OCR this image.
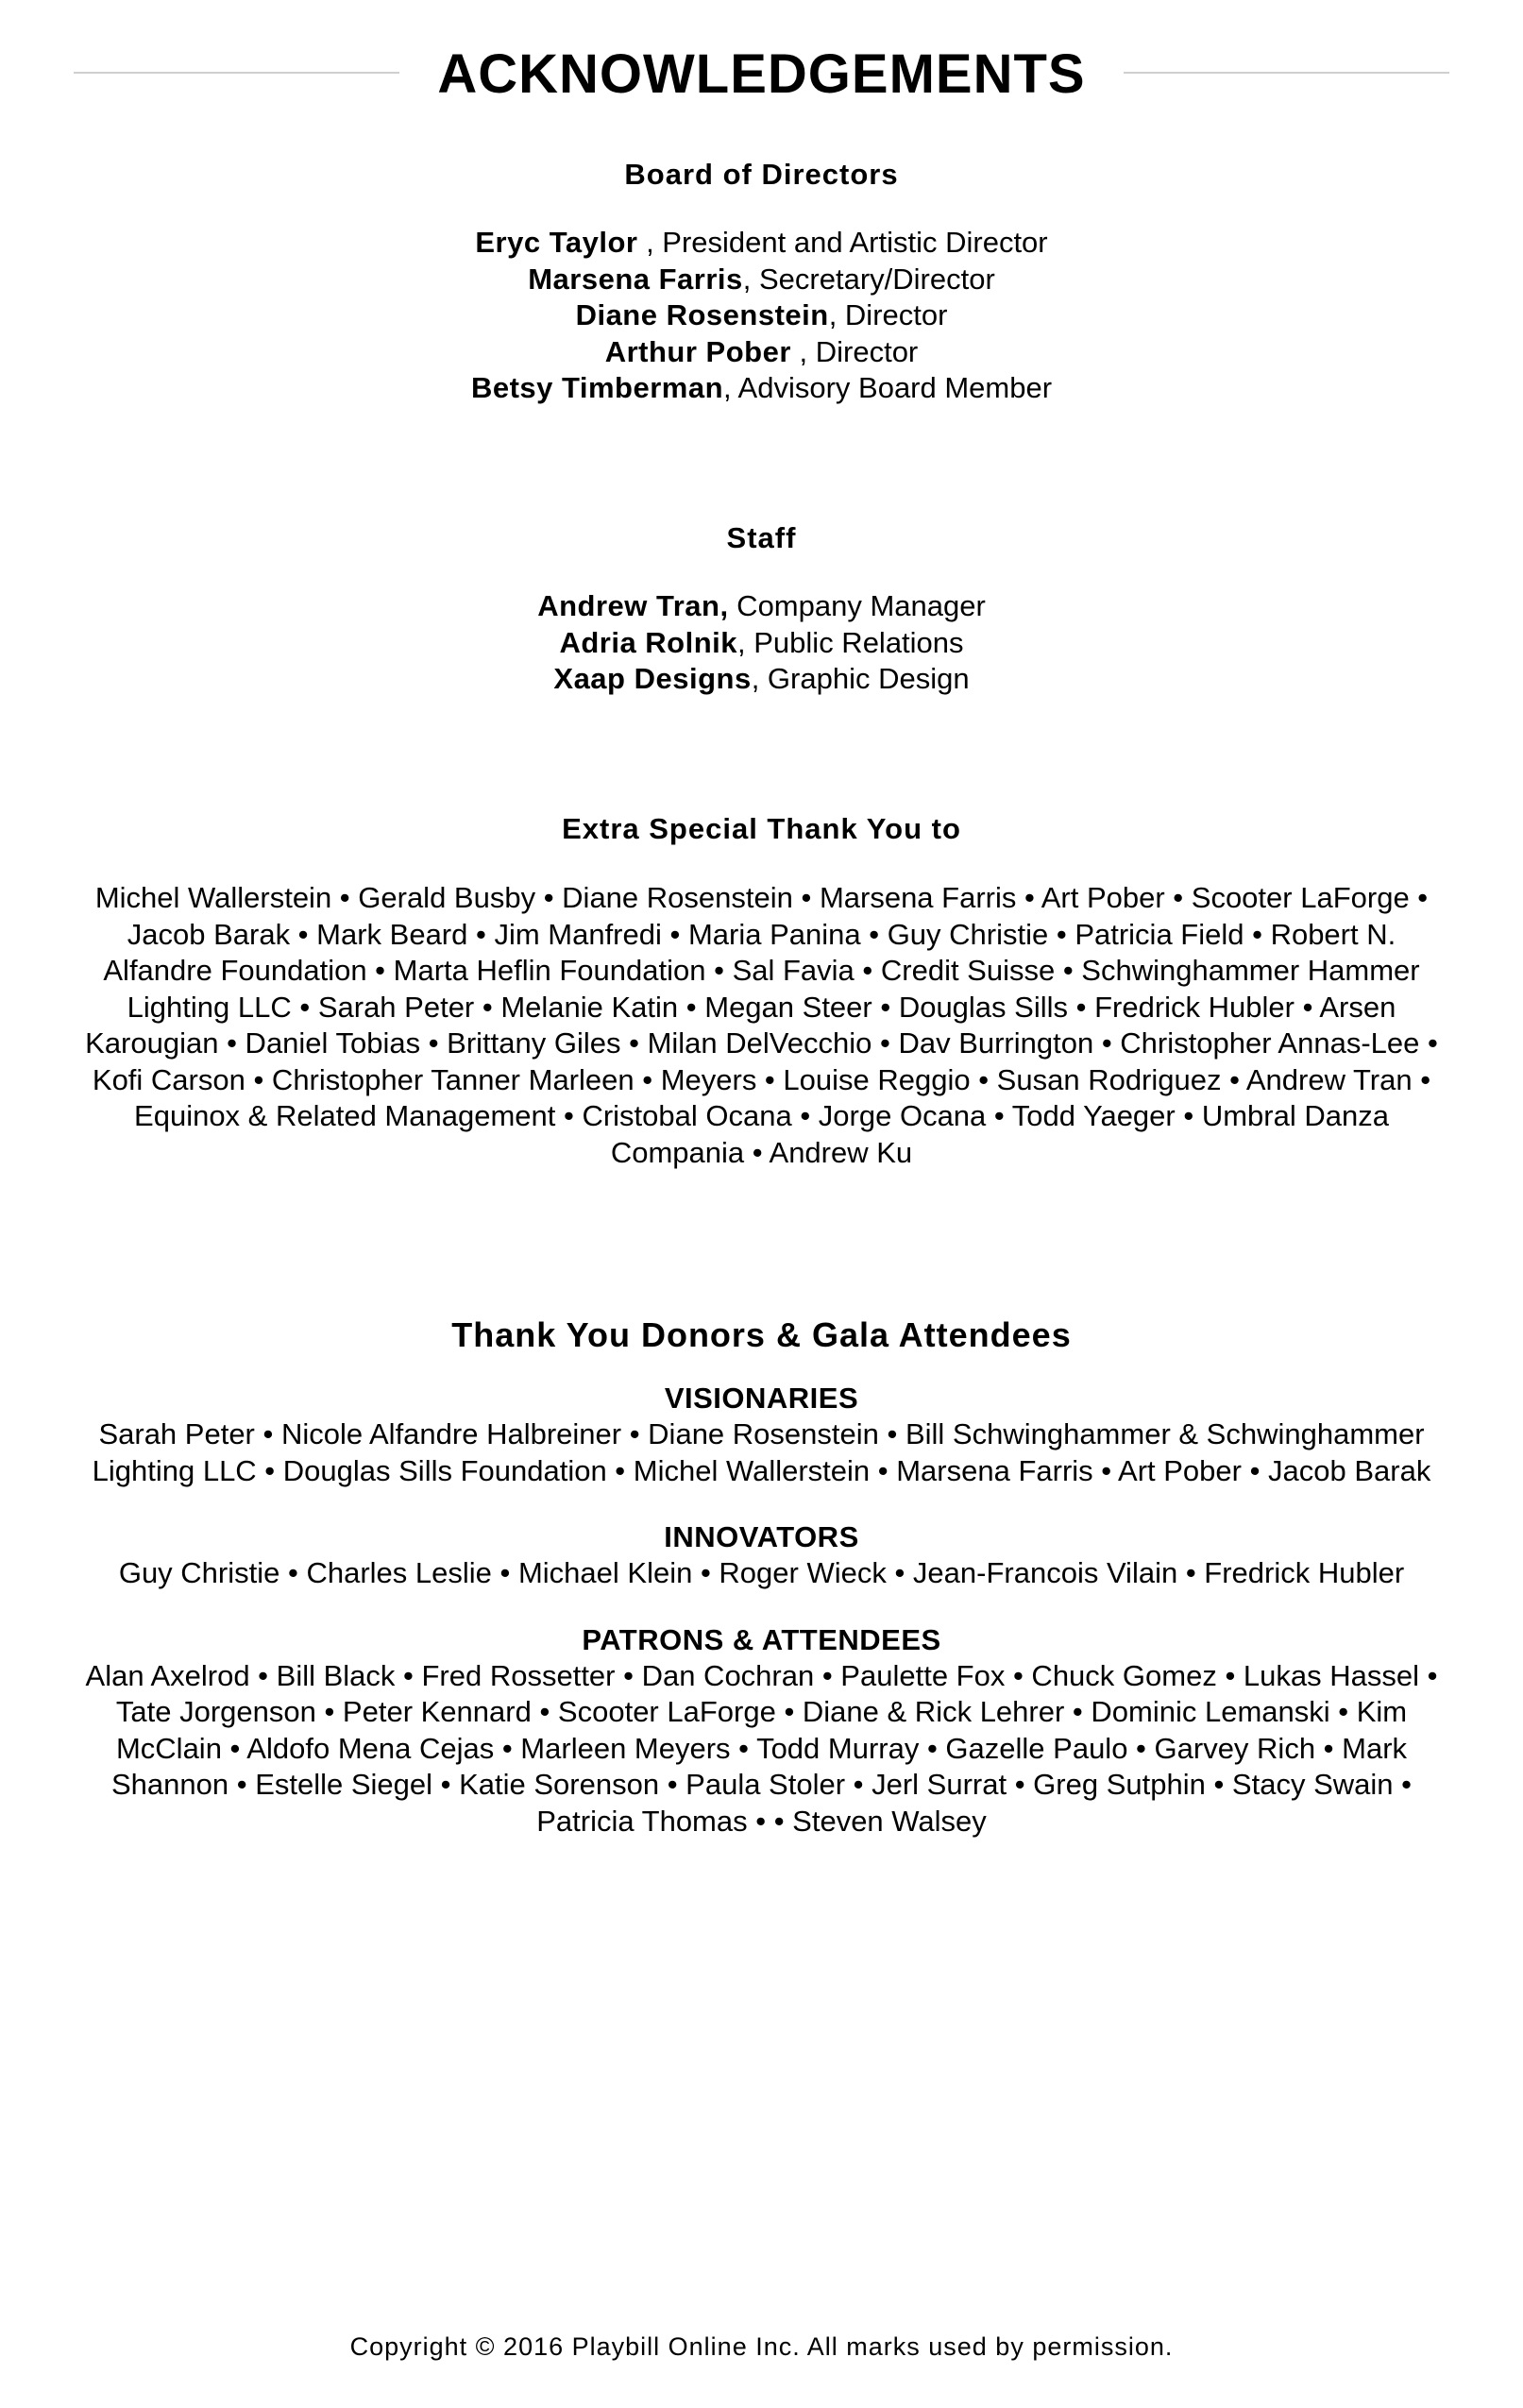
ACKNOWLEDGEMENTS
Board of Directors
Eryc Taylor , President and Artistic Director
Marsena Farris, Secretary/Director
Diane Rosenstein, Director
Arthur Pober , Director
Betsy Timberman, Advisory Board Member
Staff
Andrew Tran, Company Manager
Adria Rolnik, Public Relations
Xaap Designs, Graphic Design
Extra Special Thank You to
Michel Wallerstein • Gerald Busby • Diane Rosenstein • Marsena Farris • Art Pober • Scooter LaForge • Jacob Barak • Mark Beard • Jim Manfredi • Maria Panina • Guy Christie • Patricia Field • Robert N. Alfandre Foundation • Marta Heflin Foundation • Sal Favia • Credit Suisse • Schwinghammer Hammer Lighting LLC • Sarah Peter • Melanie Katin • Megan Steer • Douglas Sills • Fredrick Hubler • Arsen Karougian • Daniel Tobias • Brittany Giles • Milan DelVecchio • Dav Burrington • Christopher Annas-Lee • Kofi Carson • Christopher Tanner Marleen • Meyers • Louise Reggio • Susan Rodriguez • Andrew Tran • Equinox & Related Management • Cristobal Ocana • Jorge Ocana • Todd Yaeger • Umbral Danza Compania • Andrew Ku
Thank You Donors & Gala Attendees
VISIONARIES
Sarah Peter • Nicole Alfandre Halbreiner • Diane Rosenstein • Bill Schwinghammer & Schwinghammer Lighting LLC • Douglas Sills Foundation • Michel Wallerstein • Marsena Farris • Art Pober • Jacob Barak
INNOVATORS
Guy Christie • Charles Leslie • Michael Klein • Roger Wieck • Jean-Francois Vilain • Fredrick Hubler
PATRONS & ATTENDEES
Alan Axelrod • Bill Black • Fred Rossetter • Dan Cochran • Paulette Fox • Chuck Gomez • Lukas Hassel • Tate Jorgenson • Peter Kennard • Scooter LaForge • Diane & Rick Lehrer • Dominic Lemanski • Kim McClain • Aldofo Mena Cejas • Marleen Meyers • Todd Murray • Gazelle Paulo • Garvey Rich • Mark Shannon • Estelle Siegel • Katie Sorenson • Paula Stoler • Jerl Surrat • Greg Sutphin • Stacy Swain • Patricia Thomas • • Steven Walsey
Copyright © 2016 Playbill Online Inc. All marks used by permission.
